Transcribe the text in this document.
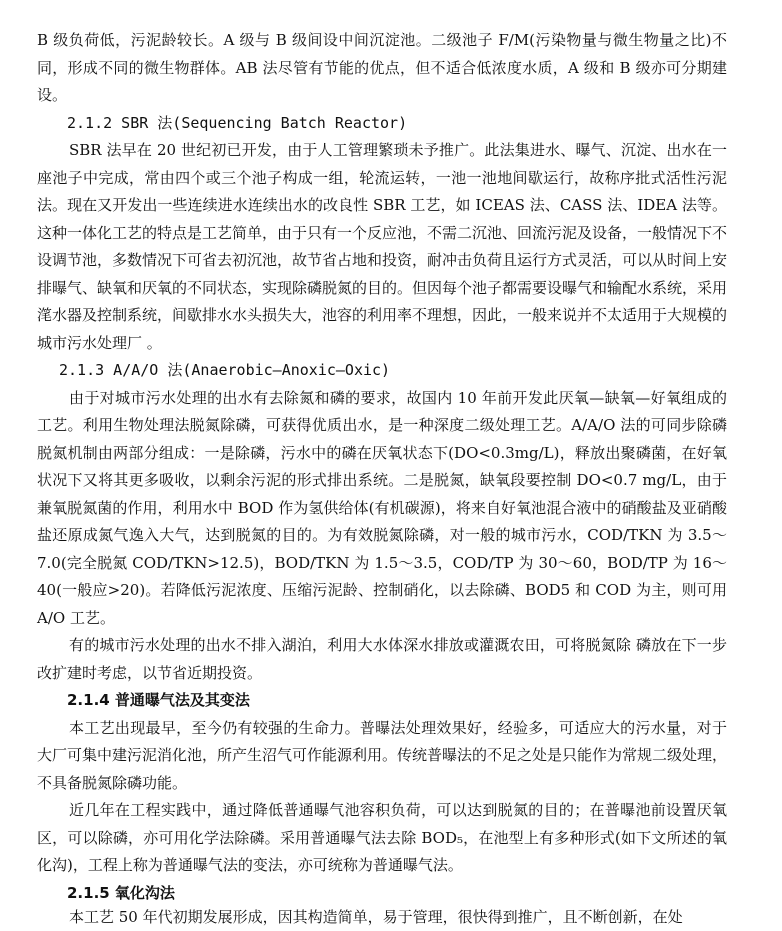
B 级负荷低，污泥龄较长。A 级与 B 级间设中间沉淀池。二级池子 F/M(污染物量与微生物量之比)不同，形成不同的微生物群体。AB 法尽管有节能的优点，但不适合低浓度水质，A 级和 B 级亦可分期建设。

2.1.2 SBR 法(Sequencing Batch Reactor)

SBR 法早在 20 世纪初已开发，由于人工管理繁琐未予推广。此法集进水、曝气、沉淀、出水在一座池子中完成，常由四个或三个池子构成一组，轮流运转，一池一池地间歇运行，故称序批式活性污泥法。现在又开发出一些连续进水连续出水的改良性 SBR 工艺，如 ICEAS 法、CASS 法、IDEA 法等。这种一体化工艺的特点是工艺简单，由于只有一个反应池，不需二沉池、回流污泥及设备，一般情况下不设调节池，多数情况下可省去初沉池，故节省占地和投资，耐冲击负荷且运行方式灵活，可以从时间上安排曝气、缺氧和厌氧的不同状态，实现除磷脱氮的目的。但因每个池子都需要设曝气和输配水系统，采用滗水器及控制系统，间歇排水水头损失大，池容的利用率不理想，因此，一般来说并不太适用于大规模的城市污水处理厂 。

2.1.3 A/A/O 法(Anaerobic—Anoxic—Oxic)

由于对城市污水处理的出水有去除氮和磷的要求，故国内 10 年前开发此厌氧—缺氧—好氧组成的工艺。利用生物处理法脱氮除磷，可获得优质出水，是一种深度二级处理工艺。A/A/O 法的可同步除磷脱氮机制由两部分组成：一是除磷，污水中的磷在厌氧状态下(DO<0.3mg/L)，释放出聚磷菌，在好氧状况下又将其更多吸收，以剩余污泥的形式排出系统。二是脱氮，缺氧段要控制 DO<0.7 mg/L，由于兼氧脱氮菌的作用，利用水中 BOD 作为氢供给体(有机碳源)，将来自好氧池混合液中的硝酸盐及亚硝酸盐还原成氮气逸入大气，达到脱氮的目的。为有效脱氮除磷，对一般的城市污水，COD/TKN 为 3.5～7.0(完全脱氮 COD/TKN>12.5)，BOD/TKN 为 1.5～3.5，COD/TP 为 30～60，BOD/TP 为 16～40(一般应>20)。若降低污泥浓度、压缩污泥龄、控制硝化，以去除磷、BOD5 和 COD 为主，则可用 A/O 工艺。

有的城市污水处理的出水不排入湖泊，利用大水体深水排放或灌溉农田，可将脱氮除 磷放在下一步改扩建时考虑，以节省近期投资。

2.1.4 普通曝气法及其变法

本工艺出现最早，至今仍有较强的生命力。普曝法处理效果好，经验多，可适应大的污水量，对于大厂可集中建污泥消化池，所产生沼气可作能源利用。传统普曝法的不足之处是只能作为常规二级处理，不具备脱氮除磷功能。

近几年在工程实践中，通过降低普通曝气池容积负荷，可以达到脱氮的目的；在普曝池前设置厌氧区，可以除磷，亦可用化学法除磷。采用普通曝气法去除 BOD₅，在池型上有多种形式(如下文所述的氧化沟)，工程上称为普通曝气法的变法，亦可统称为普通曝气法。

2.1.5 氧化沟法

本工艺 50 年代初期发展形成，因其构造简单，易于管理，很快得到推广，且不断创新，在处
